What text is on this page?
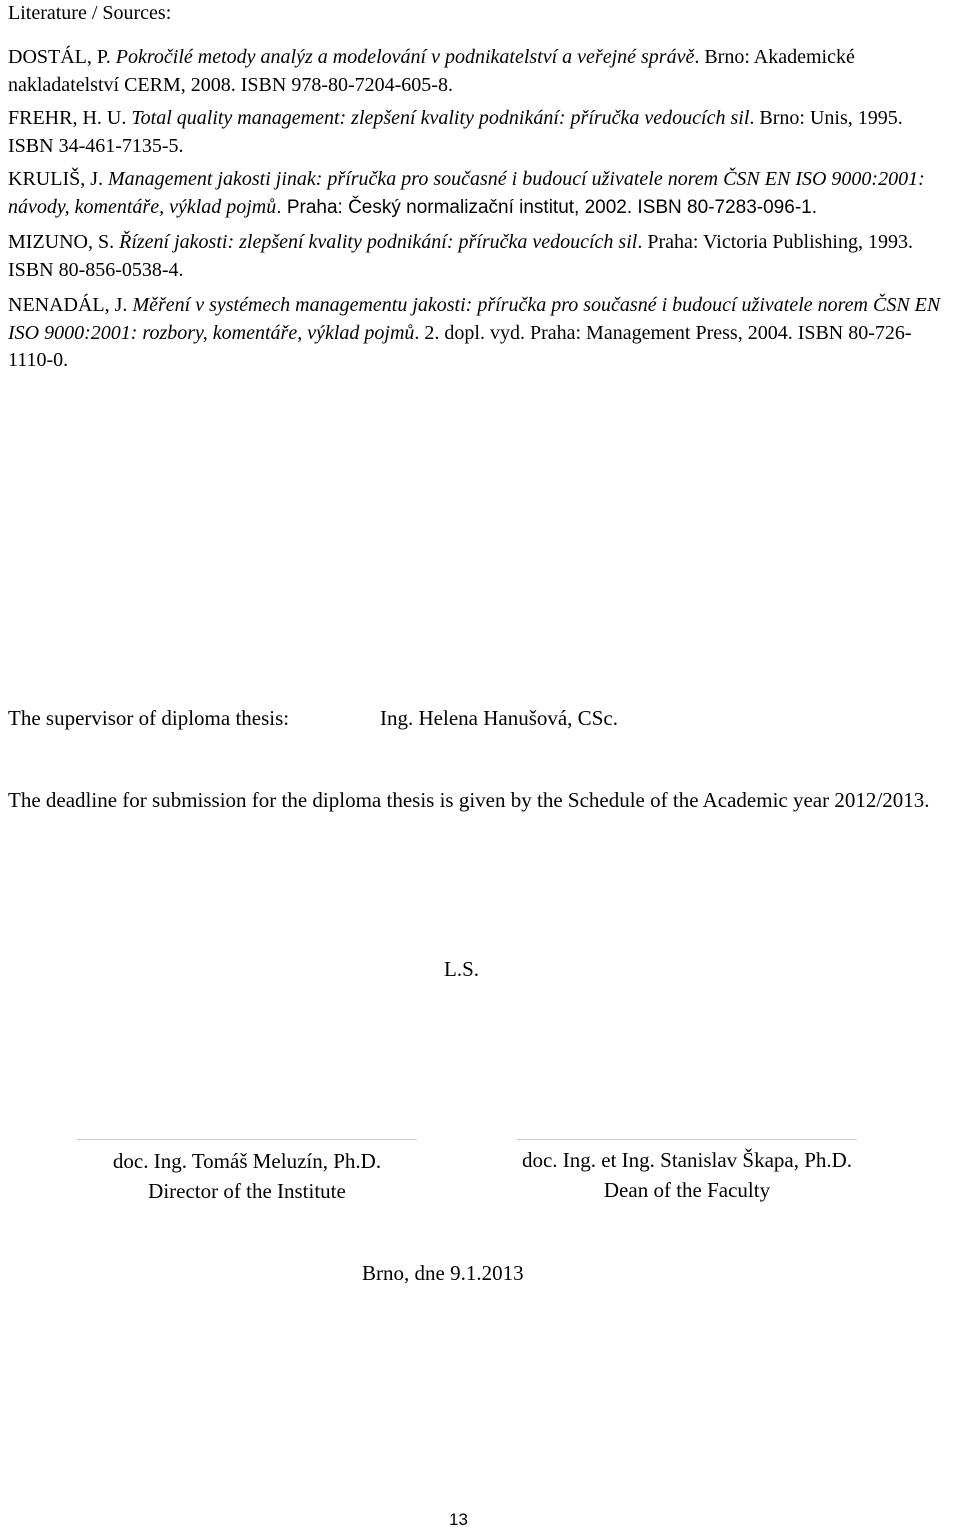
Literature / Sources:
DOSTÁL, P. Pokročilé metody analýz a modelování v podnikatelství a veřejné správě. Brno: Akademické nakladatelství CERM, 2008. ISBN 978-80-7204-605-8.
FREHR, H. U. Total quality management: zlepšení kvality podnikání: příručka vedoucích sil. Brno: Unis, 1995. ISBN 34-461-7135-5.
KRULIŠ, J. Management jakosti jinak: příručka pro současné i budoucí uživatele norem ČSN EN ISO 9000:2001: návody, komentáře, výklad pojmů. Praha: Český normalizační institut, 2002. ISBN 80-7283-096-1.
MIZUNO, S. Řízení jakosti: zlepšení kvality podnikání: příručka vedoucích sil. Praha: Victoria Publishing, 1993. ISBN 80-856-0538-4.
NENADÁL, J. Měření v systémech managementu jakosti: příručka pro současné i budoucí uživatele norem ČSN EN ISO 9000:2001: rozbory, komentáře, výklad pojmů. 2. dopl. vyd. Praha: Management Press, 2004. ISBN 80-726-1110-0.
The supervisor of diploma thesis:	Ing. Helena Hanušová, CSc.
The deadline for submission for the diploma thesis is given by the Schedule of the Academic year 2012/2013.
L.S.
doc. Ing. Tomáš Meluzín, Ph.D.
Director of the Institute
doc. Ing. et Ing. Stanislav Škapa, Ph.D.
Dean of the Faculty
Brno, dne 9.1.2013
13
